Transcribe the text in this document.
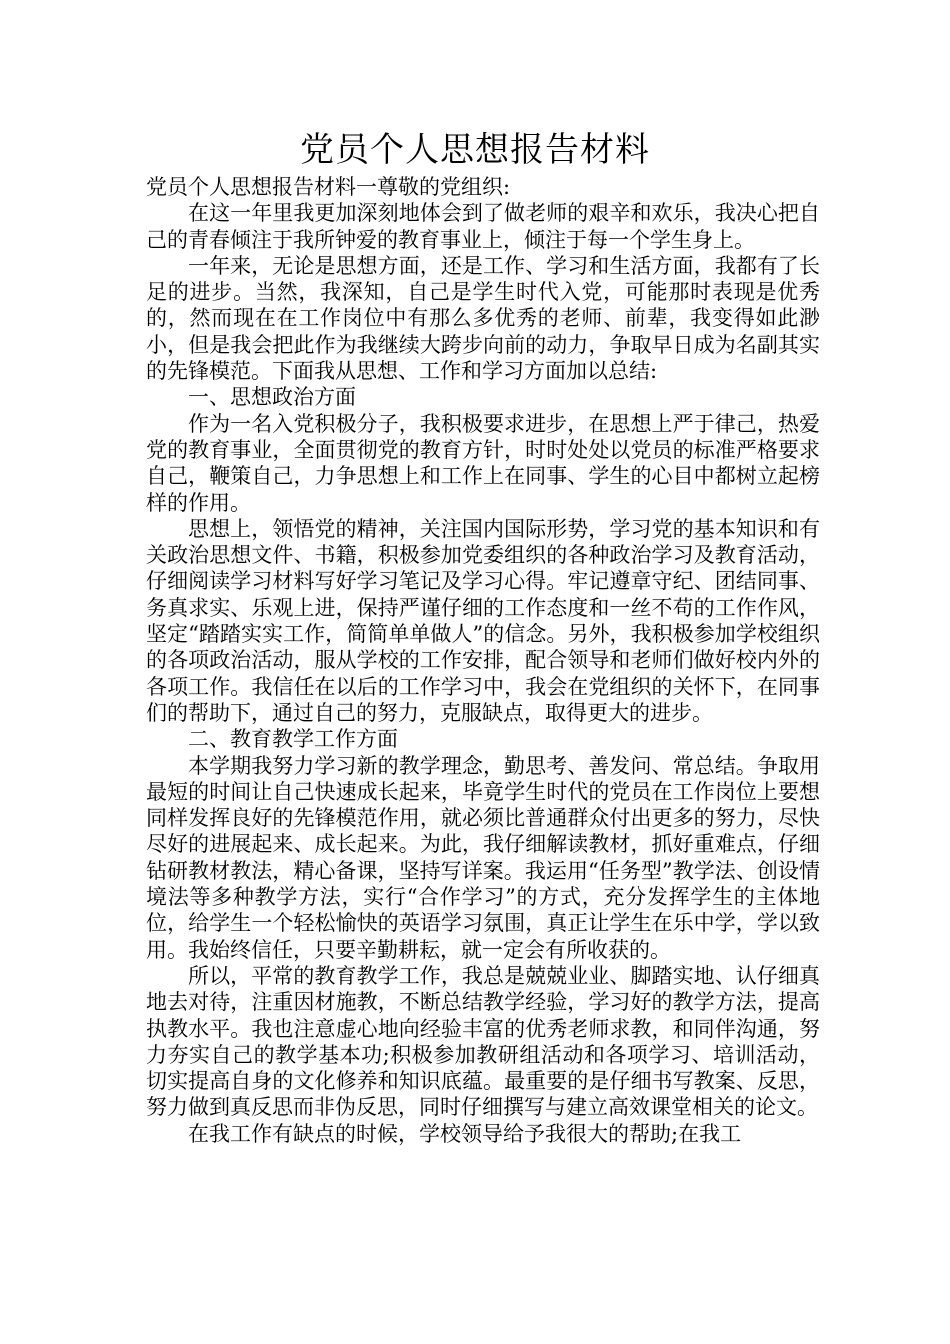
党员个人思想报告材料

党员个人思想报告材料一尊敬的党组织:

在这一年里我更加深刻地体会到了做老师的艰辛和欢乐，我决心把自己的青春倾注于我所钟爱的教育事业上，倾注于每一个学生身上。

一年来，无论是思想方面，还是工作、学习和生活方面，我都有了长足的进步。当然，我深知，自己是学生时代入党，可能那时表现是优秀的，然而现在在工作岗位中有那么多优秀的老师、前辈，我变得如此渺小，但是我会把此作为我继续大跨步向前的动力，争取早日成为名副其实的先锋模范。下面我从思想、工作和学习方面加以总结:

一、思想政治方面

作为一名入党积极分子，我积极要求进步，在思想上严于律己，热爱党的教育事业，全面贯彻党的教育方针，时时处处以党员的标准严格要求自己，鞭策自己，力争思想上和工作上在同事、学生的心目中都树立起榜样的作用。

思想上，领悟党的精神，关注国内国际形势，学习党的基本知识和有关政治思想文件、书籍，积极参加党委组织的各种政治学习及教育活动，仔细阅读学习材料写好学习笔记及学习心得。牢记遵章守纪、团结同事、务真求实、乐观上进，保持严谨仔细的工作态度和一丝不苟的工作作风，坚定“踏踏实实工作，简简单单做人”的信念。另外，我积极参加学校组织的各项政治活动，服从学校的工作安排，配合领导和老师们做好校内外的各项工作。我信任在以后的工作学习中，我会在党组织的关怀下，在同事们的帮助下，通过自己的努力，克服缺点，取得更大的进步。

二、教育教学工作方面

本学期我努力学习新的教学理念，勤思考、善发问、常总结。争取用最短的时间让自己快速成长起来，毕竟学生时代的党员在工作岗位上要想同样发挥良好的先锋模范作用，就必须比普通群众付出更多的努力，尽快尽好的进展起来、成长起来。为此，我仔细解读教材，抓好重难点，仔细钻研教材教法，精心备课，坚持写详案。我运用“任务型”教学法、创设情境法等多种教学方法，实行“合作学习”的方式，充分发挥学生的主体地位，给学生一个轻松愉快的英语学习氛围，真正让学生在乐中学，学以致用。我始终信任，只要辛勤耕耘，就一定会有所收获的。

所以，平常的教育教学工作，我总是兢兢业业、脚踏实地、认仔细真地去对待，注重因材施教，不断总结教学经验，学习好的教学方法，提高执教水平。我也注意虚心地向经验丰富的优秀老师求教，和同伴沟通，努力夯实自己的教学基本功;积极参加教研组活动和各项学习、培训活动，切实提高自身的文化修养和知识底蕴。最重要的是仔细书写教案、反思，努力做到真反思而非伪反思，同时仔细撰写与建立高效课堂相关的论文。

在我工作有缺点的时候，学校领导给予我很大的帮助;在我工
